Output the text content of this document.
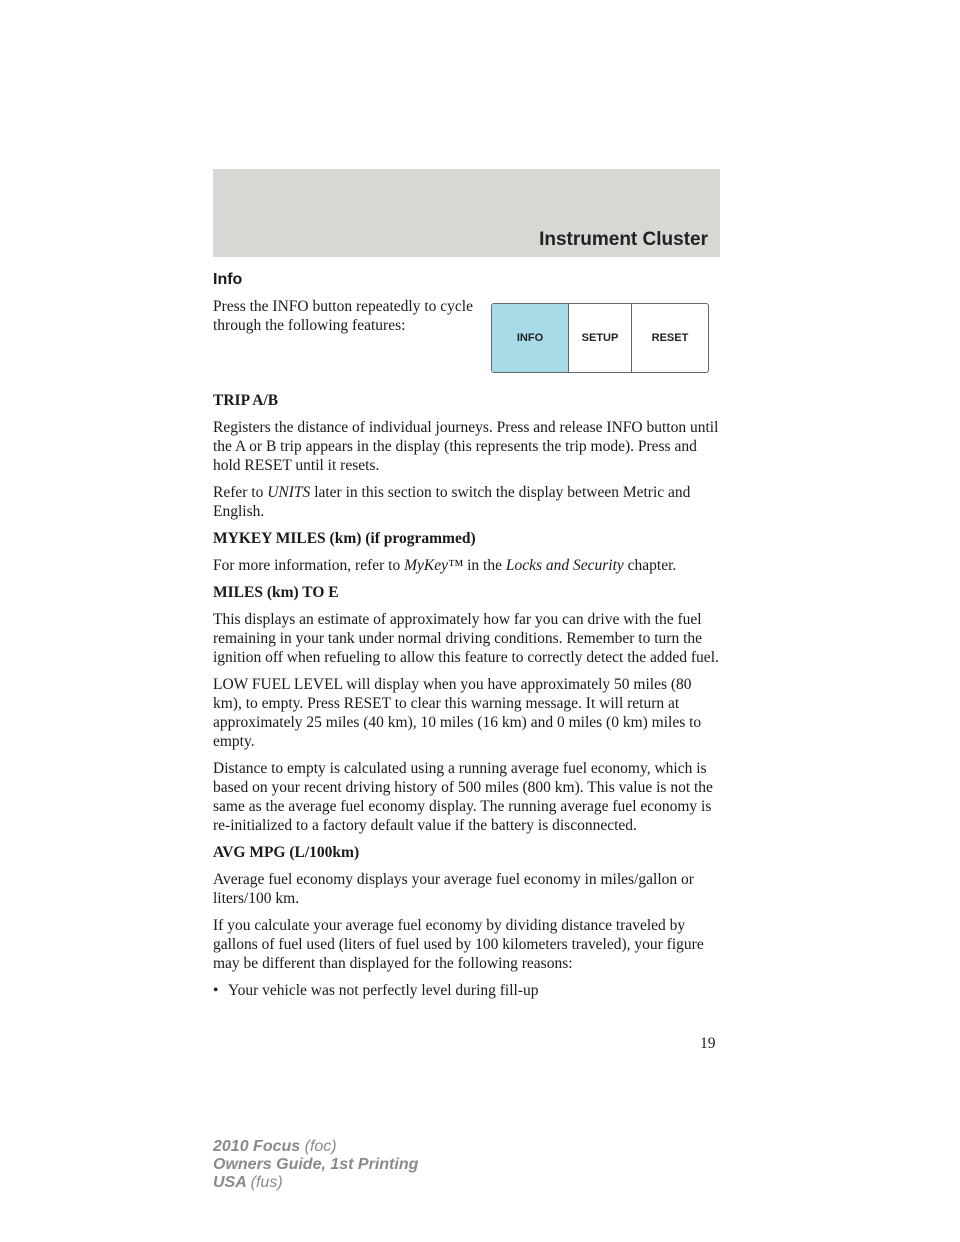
Instrument Cluster
INFO	SETUP	RESET

Info

Press the INFO button repeatedly to cycle through the following features:

TRIP A/B

Registers the distance of individual journeys. Press and release INFO button until the A or B trip appears in the display (this represents the trip mode). Press and hold RESET until it resets.

Refer to UNITS later in this section to switch the display between Metric and English.

MYKEY MILES (km) (if programmed)

For more information, refer to MyKey™ in the Locks and Security chapter.

MILES (km) TO E

This displays an estimate of approximately how far you can drive with the fuel remaining in your tank under normal driving conditions. Remember to turn the ignition off when refueling to allow this feature to correctly detect the added fuel.

LOW FUEL LEVEL will display when you have approximately 50 miles (80 km), to empty. Press RESET to clear this warning message. It will return at approximately 25 miles (40 km), 10 miles (16 km) and 0 miles (0 km) miles to empty.

Distance to empty is calculated using a running average fuel economy, which is based on your recent driving history of 500 miles (800 km). This value is not the same as the average fuel economy display. The running average fuel economy is re-initialized to a factory default value if the battery is disconnected.

AVG MPG (L/100km)

Average fuel economy displays your average fuel economy in miles/gallon or liters/100 km.

If you calculate your average fuel economy by dividing distance traveled by gallons of fuel used (liters of fuel used by 100 kilometers traveled), your figure may be different than displayed for the following reasons:

• Your vehicle was not perfectly level during fill-up
19
2010 Focus (foc)
Owners Guide, 1st Printing
USA (fus)
